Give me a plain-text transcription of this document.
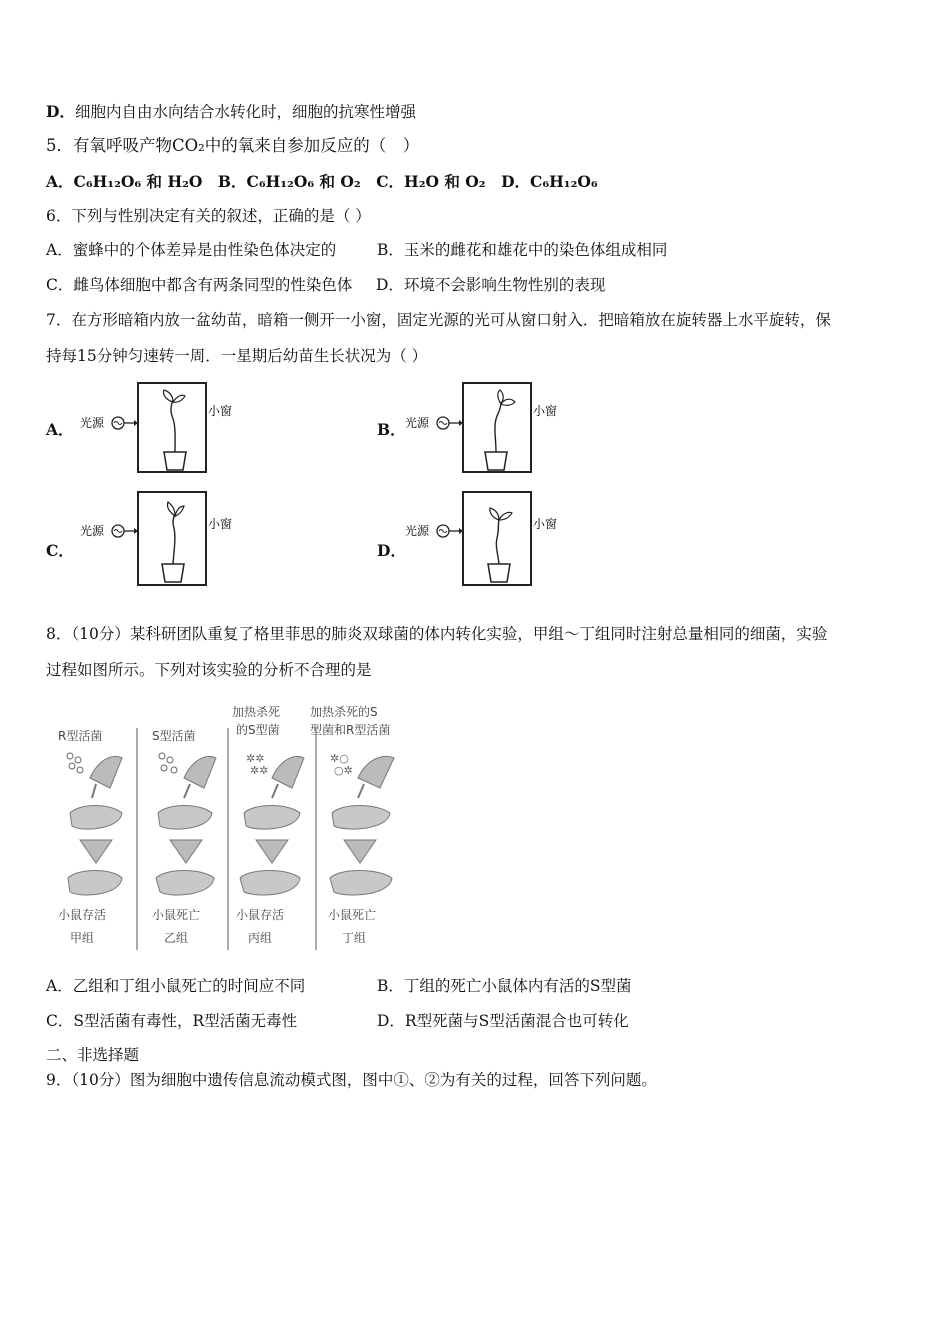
D．细胞内自由水向结合水转化时，细胞的抗寒性增强
5．有氧呼吸产物CO₂中的氧来自参加反应的（　）
A．C₆H₁₂O₆ 和 H₂O　B．C₆H₁₂O₆ 和 O₂　C．H₂O 和 O₂　D．C₆H₁₂O₆
6．下列与性别决定有关的叙述，正确的是（ ）
A．蜜蜂中的个体差异是由性染色体决定的	B．玉米的雌花和雄花中的染色体组成相同
C．雌鸟体细胞中都含有两条同型的性染色体 D．环境不会影响生物性别的表现
7．在方形暗箱内放一盆幼苗，暗箱一侧开一小窗，固定光源的光可从窗口射入．把暗箱放在旋转器上水平旋转，保
持每15分钟匀速转一周．一星期后幼苗生长状况为（ ）
A．	B．
C．	D．
光源
小窗
光源
小窗
光源	小窗	光源	小窗
8．（10分）某科研团队重复了格里菲思的肺炎双球菌的体内转化实验，甲组～丁组同时注射总量相同的细菌，实验
过程如图所示。下列对该实验的分析不合理的是
R型活菌	S型活菌
加热杀死
的S型菌
加热杀死的S
型菌和R型活菌
✲✲
✲✲
✲○
○✲
小鼠存活	小鼠死亡	小鼠存活	小鼠死亡
甲组	乙组	丙组	丁组
A．乙组和丁组小鼠死亡的时间应不同	B．丁组的死亡小鼠体内有活的S型菌
C．S型活菌有毒性，R型活菌无毒性	D．R型死菌与S型活菌混合也可转化
二、非选择题
9．（10分）图为细胞中遗传信息流动模式图，图中①、②为有关的过程，回答下列问题。
